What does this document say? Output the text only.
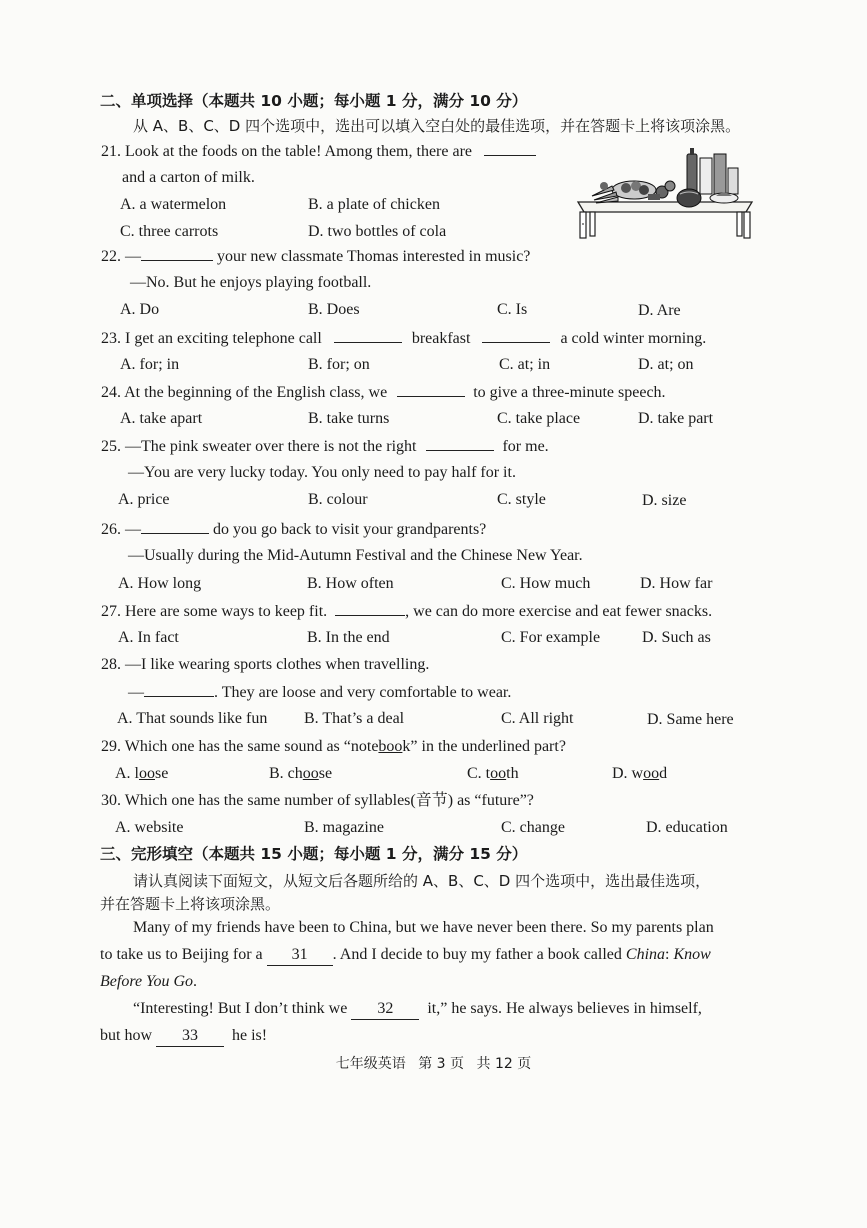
二、单项选择（本题共 10 小题；每小题 1 分，满分 10 分）
从 A、B、C、D 四个选项中，选出可以填入空白处的最佳选项，并在答题卡上将该项涂黑。
21. Look at the foods on the table! Among them, there are
and a carton of milk.
A. a watermelon	B. a plate of chicken
C. three carrots	D. two bottles of cola
22. —	your new classmate Thomas interested in music?
—No. But he enjoys playing football.
A. Do	B. Does	C. Is	D. Are
23. I get an exciting telephone call	breakfast	a cold winter morning.
A. for; in	B. for; on	C. at; in	D. at; on
24. At the beginning of the English class, we	to give a three-minute speech.
A. take apart	B. take turns	C. take place	D. take part
25. —The pink sweater over there is not the right	for me.
—You are very lucky today. You only need to pay half for it.
A. price	B. colour	C. style	D. size
26. —	do you go back to visit your grandparents?
—Usually during the Mid-Autumn Festival and the Chinese New Year.
A. How long	B. How often	C. How much	D. How far
27. Here are some ways to keep fit.	, we can do more exercise and eat fewer snacks.
A. In fact	B. In the end	C. For example	D. Such as
28. —I like wearing sports clothes when travelling.
—	. They are loose and very comfortable to wear.
A. That sounds like fun B. That’s a deal	C. All right	D. Same here
29. Which one has the same sound as “notebook” in the underlined part?
A. loose	B. choose	C. tooth	D. wood
30. Which one has the same number of syllables(音节) as “future”?
A. website	B. magazine	C. change	D. education
三、完形填空（本题共 15 小题；每小题 1 分，满分 15 分）
请认真阅读下面短文，从短文后各题所给的 A、B、C、D 四个选项中，选出最佳选项，
并在答题卡上将该项涂黑。
Many of my friends have been to China, but we have never been there. So my parents plan
to take us to Beijing for a 31 . And I decide to buy my father a book called China: Know
Before You Go.
“Interesting! But I don’t think we 32 it,” he says. He always believes in himself,
but how 33 he is!
七年级英语 第 3 页 共 12 页
